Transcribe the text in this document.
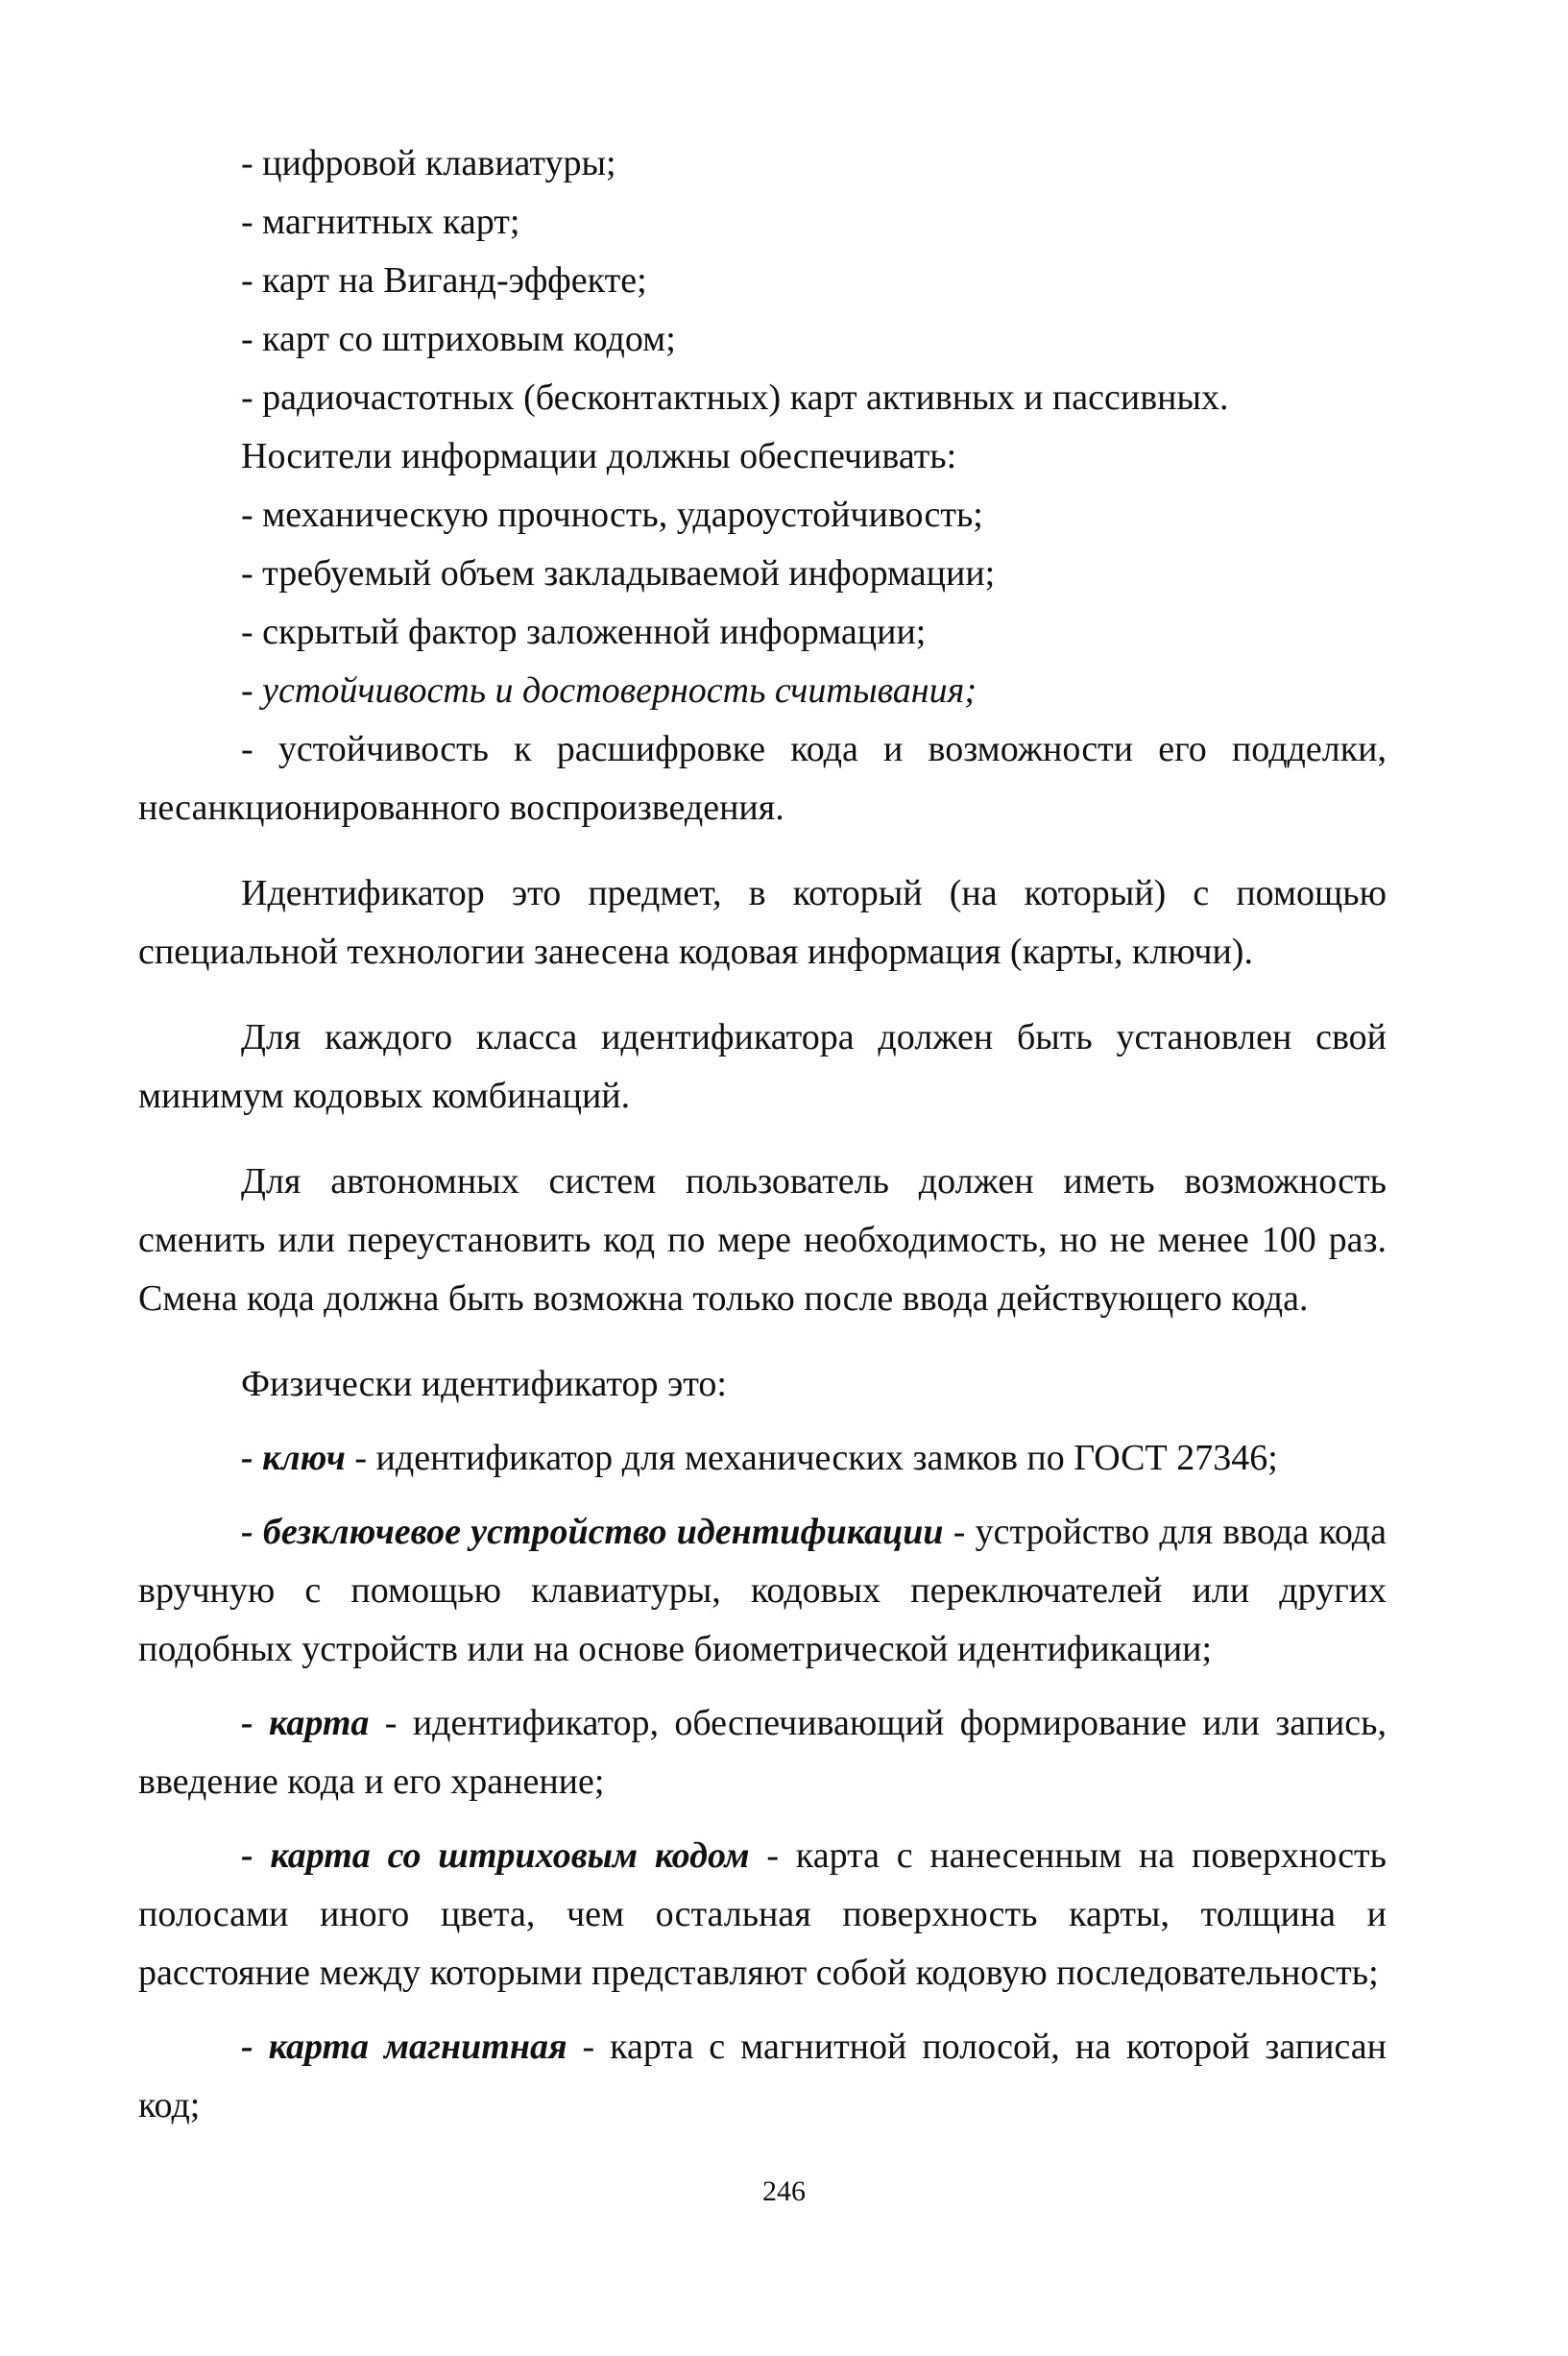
- цифровой клавиатуры;
- магнитных карт;
- карт на Виганд-эффекте;
- карт со штриховым кодом;
- радиочастотных (бесконтактных) карт активных и пассивных.
Носители информации должны обеспечивать:
- механическую прочность, удароустойчивость;
- требуемый объем закладываемой информации;
- скрытый фактор заложенной информации;
- устойчивость и достоверность считывания;

- устойчивость к расшифровке кода и возможности его подделки, несанкционированного воспроизведения.

Идентификатор это предмет, в который (на который) с помощью специальной технологии занесена кодовая информация (карты, ключи).

Для каждого класса идентификатора должен быть установлен свой минимум кодовых комбинаций.

Для автономных систем пользователь должен иметь возможность сменить или переустановить код по мере необходимость, но не менее 100 раз. Смена кода должна быть возможна только после ввода действующего кода.

Физически идентификатор это:

- ключ - идентификатор для механических замков по ГОСТ 27346;

- безключевое устройство идентификации - устройство для ввода кода вручную с помощью клавиатуры, кодовых переключателей или других подобных устройств или на основе биометрической идентификации;

- карта - идентификатор, обеспечивающий формирование или запись, введение кода и его хранение;

- карта со штриховым кодом - карта с нанесенным на поверхность полосами иного цвета, чем остальная поверхность карты, толщина и расстояние между которыми представляют собой кодовую последовательность;

- карта магнитная - карта с магнитной полосой, на которой записан код;

246
